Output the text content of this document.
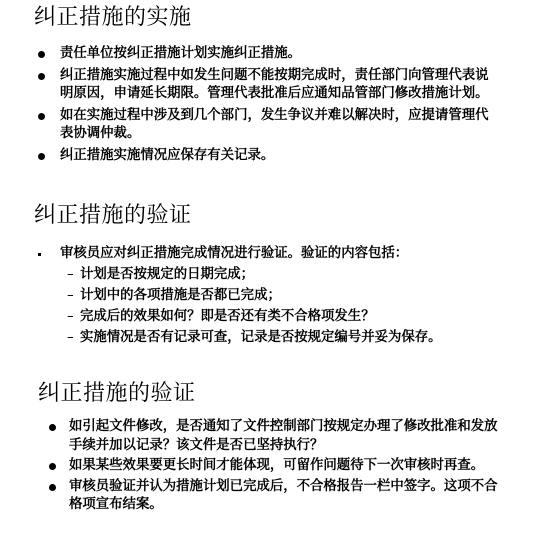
纠正措施的实施
责任单位按纠正措施计划实施纠正措施。
纠正措施实施过程中如发生问题不能按期完成时，责任部门向管理代表说明原因，申请延长期限。管理代表批准后应通知品管部门修改措施计划。
如在实施过程中涉及到几个部门，发生争议并难以解决时，应提请管理代表协调仲裁。
纠正措施实施情况应保存有关记录。
纠正措施的验证
审核员应对纠正措施完成情况进行验证。验证的内容包括：
– 计划是否按规定的日期完成；
– 计划中的各项措施是否都已完成；
– 完成后的效果如何？即是否还有类不合格项发生？
– 实施情况是否有记录可查，记录是否按规定编号并妥为保存。
纠正措施的验证
如引起文件修改，是否通知了文件控制部门按规定办理了修改批准和发放手续并加以记录？该文件是否已坚持执行？
如果某些效果要更长时间才能体现，可留作问题待下一次审核时再查。
审核员验证并认为措施计划已完成后，不合格报告一栏中签字。这项不合格项宣布结案。
